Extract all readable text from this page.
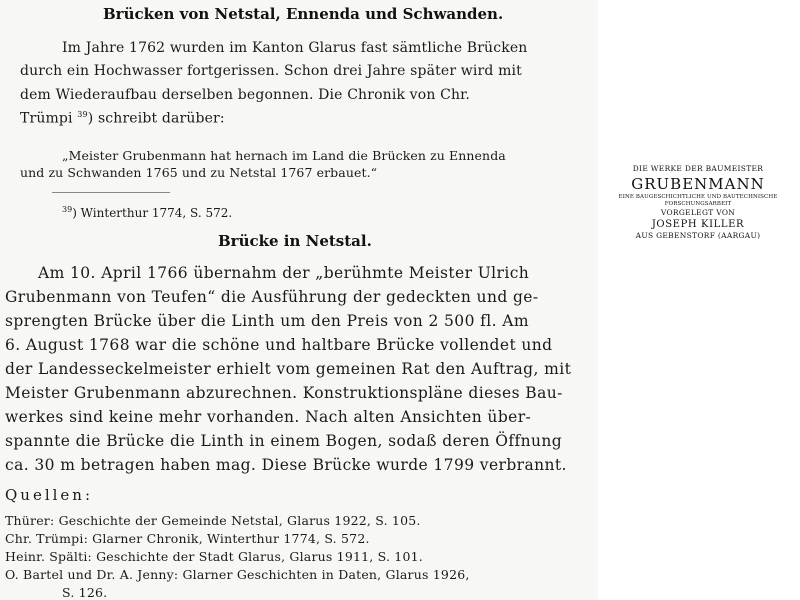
Brücken von Netstal, Ennenda und Schwanden.

Im Jahre 1762 wurden im Kanton Glarus fast sämtliche Brücken

durch ein Hochwasser fortgerissen. Schon drei Jahre später wird mit

dem Wiederaufbau derselben begonnen. Die Chronik von Chr.

Trümpi $^{39}$) schreibt darüber:

„Meister Grubenmann hat hernach im Land die Brücken zu Ennenda

und zu Schwanden 1765 und zu Netstal 1767 erbauet.“

$^{39}$) Winterthur 1774, S. 572.

Brücke in Netstal.

Am 10. April 1766 übernahm der „berühmte Meister Ulrich

Grubenmann von Teufen“ die Ausführung der gedeckten und ge-

sprengten Brücke über die Linth um den Preis von 2 500 fl. Am

6. August 1768 war die schöne und haltbare Brücke vollendet und

der Landesseckelmeister erhielt vom gemeinen Rat den Auftrag, mit

Meister Grubenmann abzurechnen. Konstruktionspläne dieses Bau-

werkes sind keine mehr vorhanden. Nach alten Ansichten über-

spannte die Brücke die Linth in einem Bogen, sodaß deren Öffnung

ca. 30 m betragen haben mag. Diese Brücke wurde 1799 verbrannt.

Quellen:

Thürer: Geschichte der Gemeinde Netstal, Glarus 1922, S. 105.

Chr. Trümpi: Glarner Chronik, Winterthur 1774, S. 572.

Heinr. Spälti: Geschichte der Stadt Glarus, Glarus 1911, S. 101.

O. Bartel und Dr. A. Jenny: Glarner Geschichten in Daten, Glarus 1926,

S. 126.

DIE WERKE DER BAUMEISTER
GRUBENMANN
EINE BAUGESCHICHTLICHE UND BAUTECHNISCHE
FORSCHUNGSARBEIT
VORGELEGT VON
JOSEPH KILLER
AUS GEBENSTORF (AARGAU)
